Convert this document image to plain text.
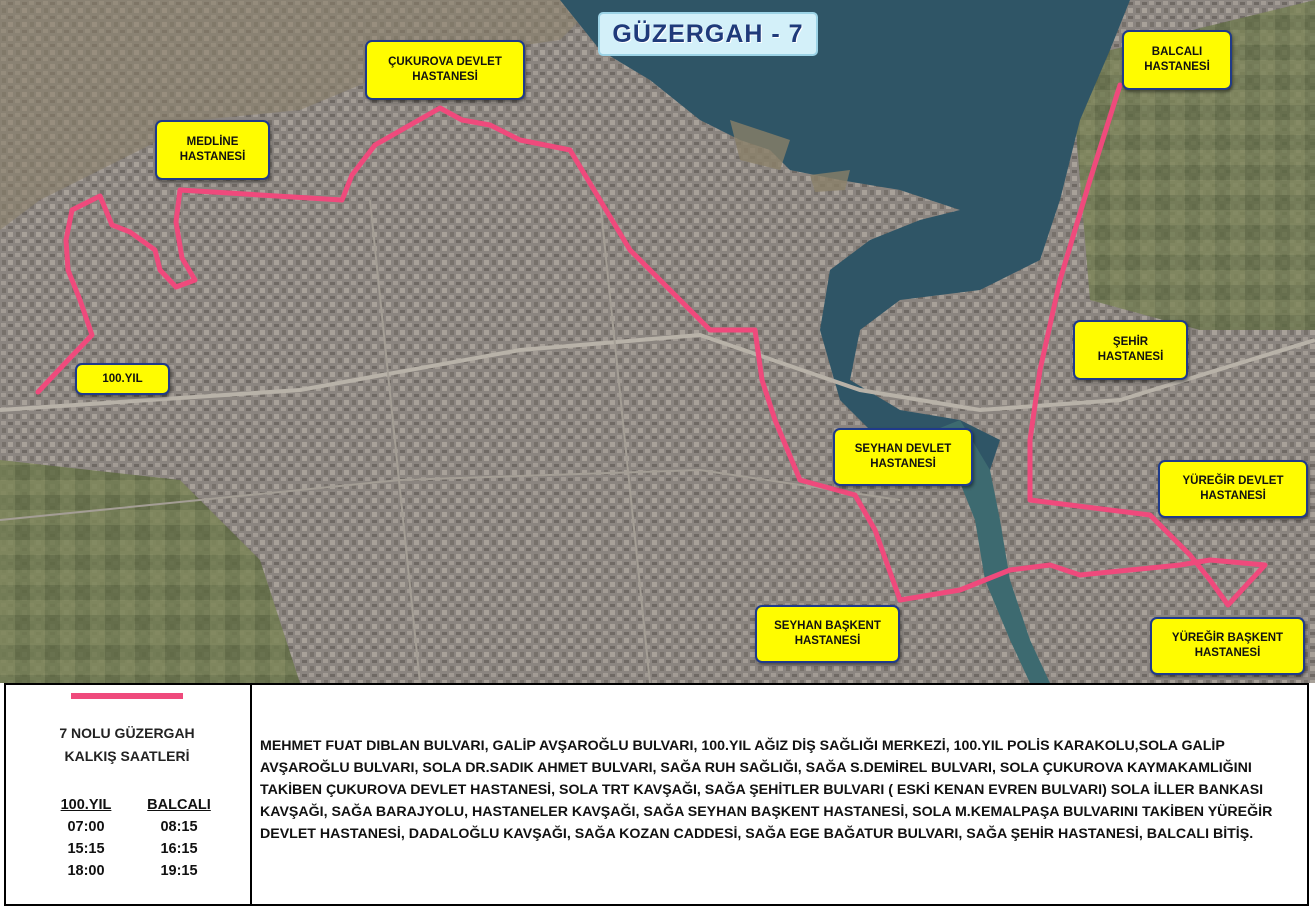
GÜZERGAH - 7
100.YIL
MEDLİNE
HASTANESİ
ÇUKUROVA DEVLET
HASTANESİ
BALCALI
HASTANESİ
ŞEHİR
HASTANESİ
SEYHAN DEVLET
HASTANESİ
YÜREĞİR DEVLET
HASTANESİ
SEYHAN BAŞKENT
HASTANESİ	YÜREĞİR BAŞKENT
HASTANESİ
7 NOLU GÜZERGAH
KALKIŞ SAATLERİ
100.YIL
07:00
15:15
18:00
BALCALI
08:15
16:15
19:15
MEHMET FUAT DIBLAN BULVARI, GALİP AVŞAROĞLU BULVARI, 100.YIL AĞIZ DİŞ SAĞLIĞI MERKEZİ, 100.YIL POLİS KARAKOLU,SOLA GALİP AVŞAROĞLU BULVARI, SOLA DR.SADIK AHMET BULVARI, SAĞA RUH SAĞLIĞI, SAĞA S.DEMİREL BULVARI, SOLA ÇUKUROVA KAYMAKAMLIĞINI TAKİBEN ÇUKUROVA DEVLET HASTANESİ, SOLA TRT KAVŞAĞI, SAĞA ŞEHİTLER BULVARI ( ESKİ KENAN EVREN BULVARI) SOLA İLLER BANKASI KAVŞAĞI, SAĞA BARAJYOLU, HASTANELER KAVŞAĞI, SAĞA SEYHAN BAŞKENT HASTANESİ, SOLA M.KEMALPAŞA BULVARINI TAKİBEN YÜREĞİR DEVLET HASTANESİ, DADALOĞLU KAVŞAĞI, SAĞA KOZAN CADDESİ, SAĞA EGE BAĞATUR BULVARI, SAĞA ŞEHİR HASTANESİ, BALCALI BİTİŞ.
